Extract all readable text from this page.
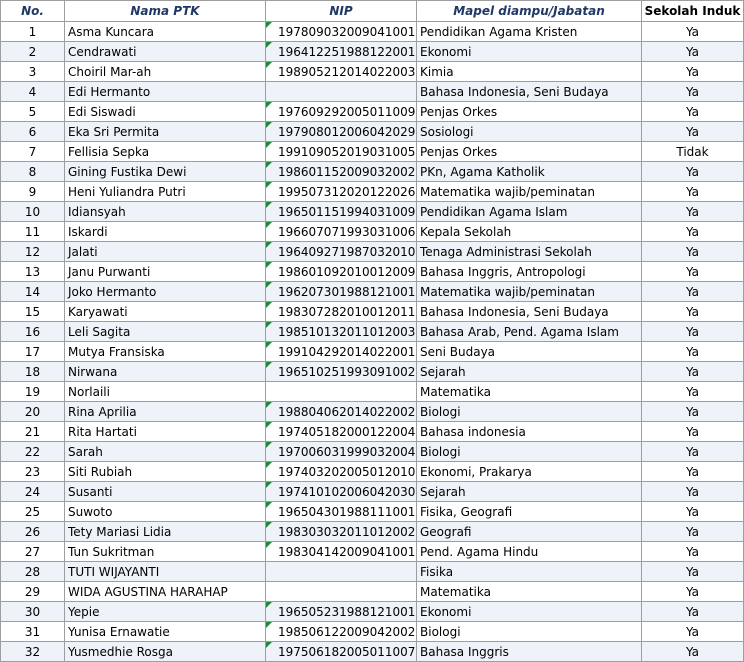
No.	Nama PTK	NIP	Mapel diampu/Jabatan	Sekolah Induk
1	Asma Kuncara	197809032009041001	Pendidikan Agama Kristen	Ya
2	Cendrawati	196412251988122001	Ekonomi	Ya
3	Choiril Mar-ah	198905212014022003	Kimia	Ya
4	Edi Hermanto		Bahasa Indonesia, Seni Budaya	Ya
5	Edi Siswadi	197609292005011009	Penjas Orkes	Ya
6	Eka Sri Permita	197908012006042029	Sosiologi	Ya
7	Fellisia Sepka	199109052019031005	Penjas Orkes	Tidak
8	Gining Fustika Dewi	198601152009032002	PKn, Agama Katholik	Ya
9	Heni Yuliandra Putri	199507312020122026	Matematika wajib/peminatan	Ya
10	Idiansyah	196501151994031009	Pendidikan Agama Islam	Ya
11	Iskardi	196607071993031006	Kepala Sekolah	Ya
12	Jalati	196409271987032010	Tenaga Administrasi Sekolah	Ya
13	Janu Purwanti	198601092010012009	Bahasa Inggris, Antropologi	Ya
14	Joko Hermanto	196207301988121001	Matematika wajib/peminatan	Ya
15	Karyawati	198307282010012011	Bahasa Indonesia, Seni Budaya	Ya
16	Leli Sagita	198510132011012003	Bahasa Arab, Pend. Agama Islam	Ya
17	Mutya Fransiska	199104292014022001	Seni Budaya	Ya
18	Nirwana	196510251993091002	Sejarah	Ya
19	Norlaili		Matematika	Ya
20	Rina Aprilia	198804062014022002	Biologi	Ya
21	Rita Hartati	197405182000122004	Bahasa indonesia	Ya
22	Sarah	197006031999032004	Biologi	Ya
23	Siti Rubiah	197403202005012010	Ekonomi, Prakarya	Ya
24	Susanti	197410102006042030	Sejarah	Ya
25	Suwoto	196504301988111001	Fisika, Geografi	Ya
26	Tety Mariasi Lidia	198303032011012002	Geografi	Ya
27	Tun Sukritman	198304142009041001	Pend. Agama Hindu	Ya
28	TUTI WIJAYANTI		Fisika	Ya
29	WIDA AGUSTINA HARAHAP		Matematika	Ya
30	Yepie	196505231988121001	Ekonomi	Ya
31	Yunisa Ernawatie	198506122009042002	Biologi	Ya
32	Yusmedhie Rosga	197506182005011007	Bahasa Inggris	Ya
